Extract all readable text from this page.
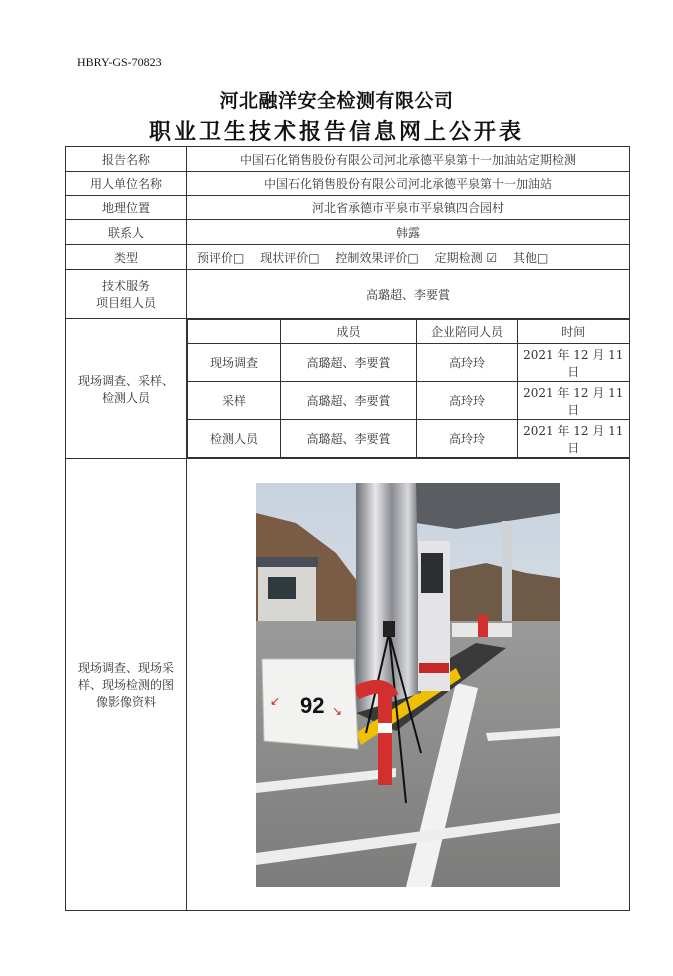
HBRY-GS-70823
河北融洋安全检测有限公司
职业卫生技术报告信息网上公开表
报告名称	中国石化销售股份有限公司河北承德平泉第十一加油站定期检测
用人单位名称	中国石化销售股份有限公司河北承德平泉第十一加油站
地理位置	河北省承德市平泉市平泉镇四合园村
联系人	韩露
类型	预评价□ 现状评价□ 控制效果评价□ 定期检测 ☑ 其他□

技术服务
项目组人员
	高璐超、李要賞

现场调查、采样、
检测人员

	成员	企业陪同人员	时间
现场调查	高璐超、李要賞	高玲玲	2021 年 12 月 11 日
采样	高璐超、李要賞	高玲玲	2021 年 12 月 11 日
检测人员	高璐超、李要賞	高玲玲	2021 年 12 月 11 日

现场调查、现场采
样、现场检测的图
像影像资料	92
↙
↘
